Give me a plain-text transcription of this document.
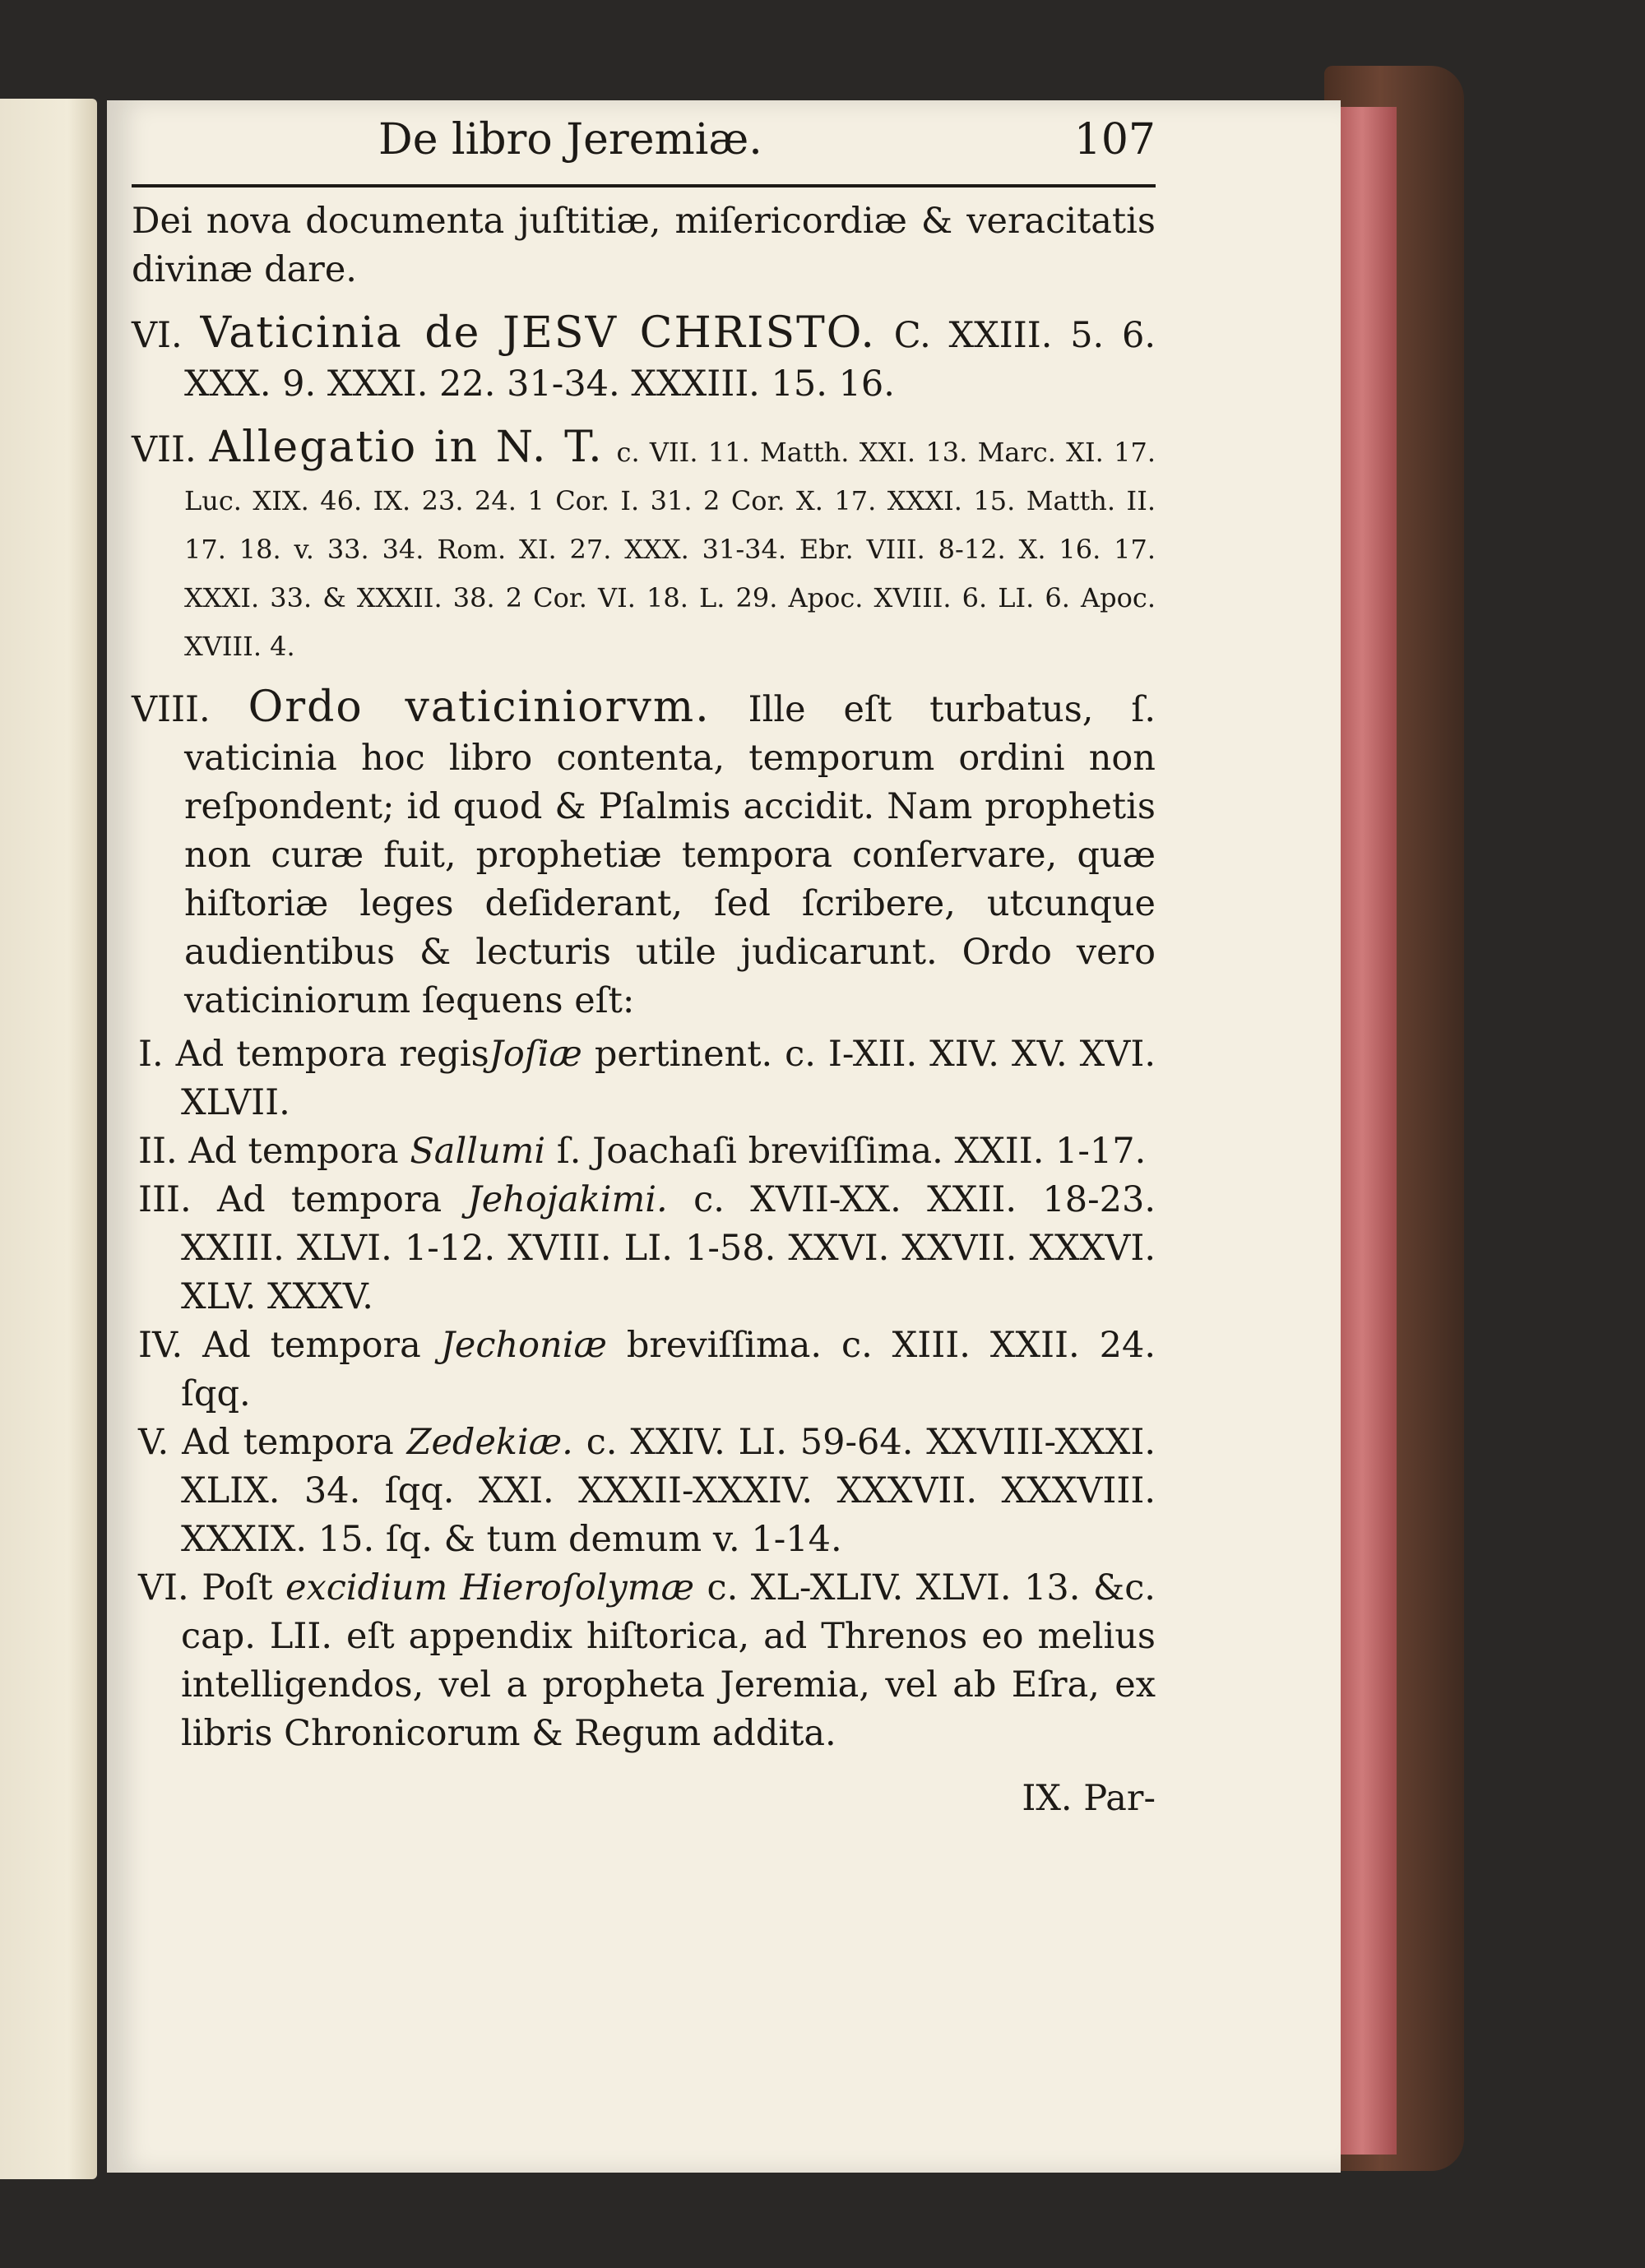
De libro Jeremiæ.	107
Dei nova documenta juſtitiæ, miſericordiæ & veracitatis divinæ dare.
VI. Vaticinia de JESV CHRISTO. C. XXIII. 5. 6. XXX. 9. XXXI. 22. 31-34. XXXIII. 15. 16.
VII. Allegatio in N. T. c. VII. 11. Matth. XXI. 13. Marc. XI. 17. Luc. XIX. 46. IX. 23. 24. 1 Cor. I. 31. 2 Cor. X. 17. XXXI. 15. Matth. II. 17. 18. v. 33. 34. Rom. XI. 27. XXX. 31-34. Ebr. VIII. 8-12. X. 16. 17. XXXI. 33. & XXXII. 38. 2 Cor. VI. 18. L. 29. Apoc. XVIII. 6. LI. 6. Apoc. XVIII. 4.
VIII. Ordo vaticiniorvm. Ille eſt turbatus, ſ. vaticinia hoc libro contenta, temporum ordini non reſpondent; id quod & Pſalmis accidit. Nam prophetis non curæ fuit, prophetiæ tempora conſervare, quæ hiſtoriæ leges deſiderant, ſed ſcribere, utcunque audientibus & lecturis utile judicarunt. Ordo vero vaticiniorum ſequens eſt:
I. Ad tempora regisJoſiæ pertinent. c. I-XII. XIV. XV. XVI. XLVII.
II. Ad tempora Sallumi ſ. Joachaſi breviſſima. XXII. 1-17.
III. Ad tempora Jehojakimi. c. XVII-XX. XXII. 18-23. XXIII. XLVI. 1-12. XVIII. LI. 1-58. XXVI. XXVII. XXXVI. XLV. XXXV.
IV. Ad tempora Jechoniæ breviſſima. c. XIII. XXII. 24. ſqq.
V. Ad tempora Zedekiæ. c. XXIV. LI. 59-64. XXVIII-XXXI. XLIX. 34. ſqq. XXI. XXXII-XXXIV. XXXVII. XXXVIII. XXXIX. 15. ſq. & tum demum v. 1-14.
VI. Poſt excidium Hieroſolymæ c. XL-XLIV. XLVI. 13. &c. cap. LII. eſt appendix hiſtorica, ad Threnos eo melius intelligendos, vel a propheta Jeremia, vel ab Eſra, ex libris Chronicorum & Regum addita.
IX. Par-
